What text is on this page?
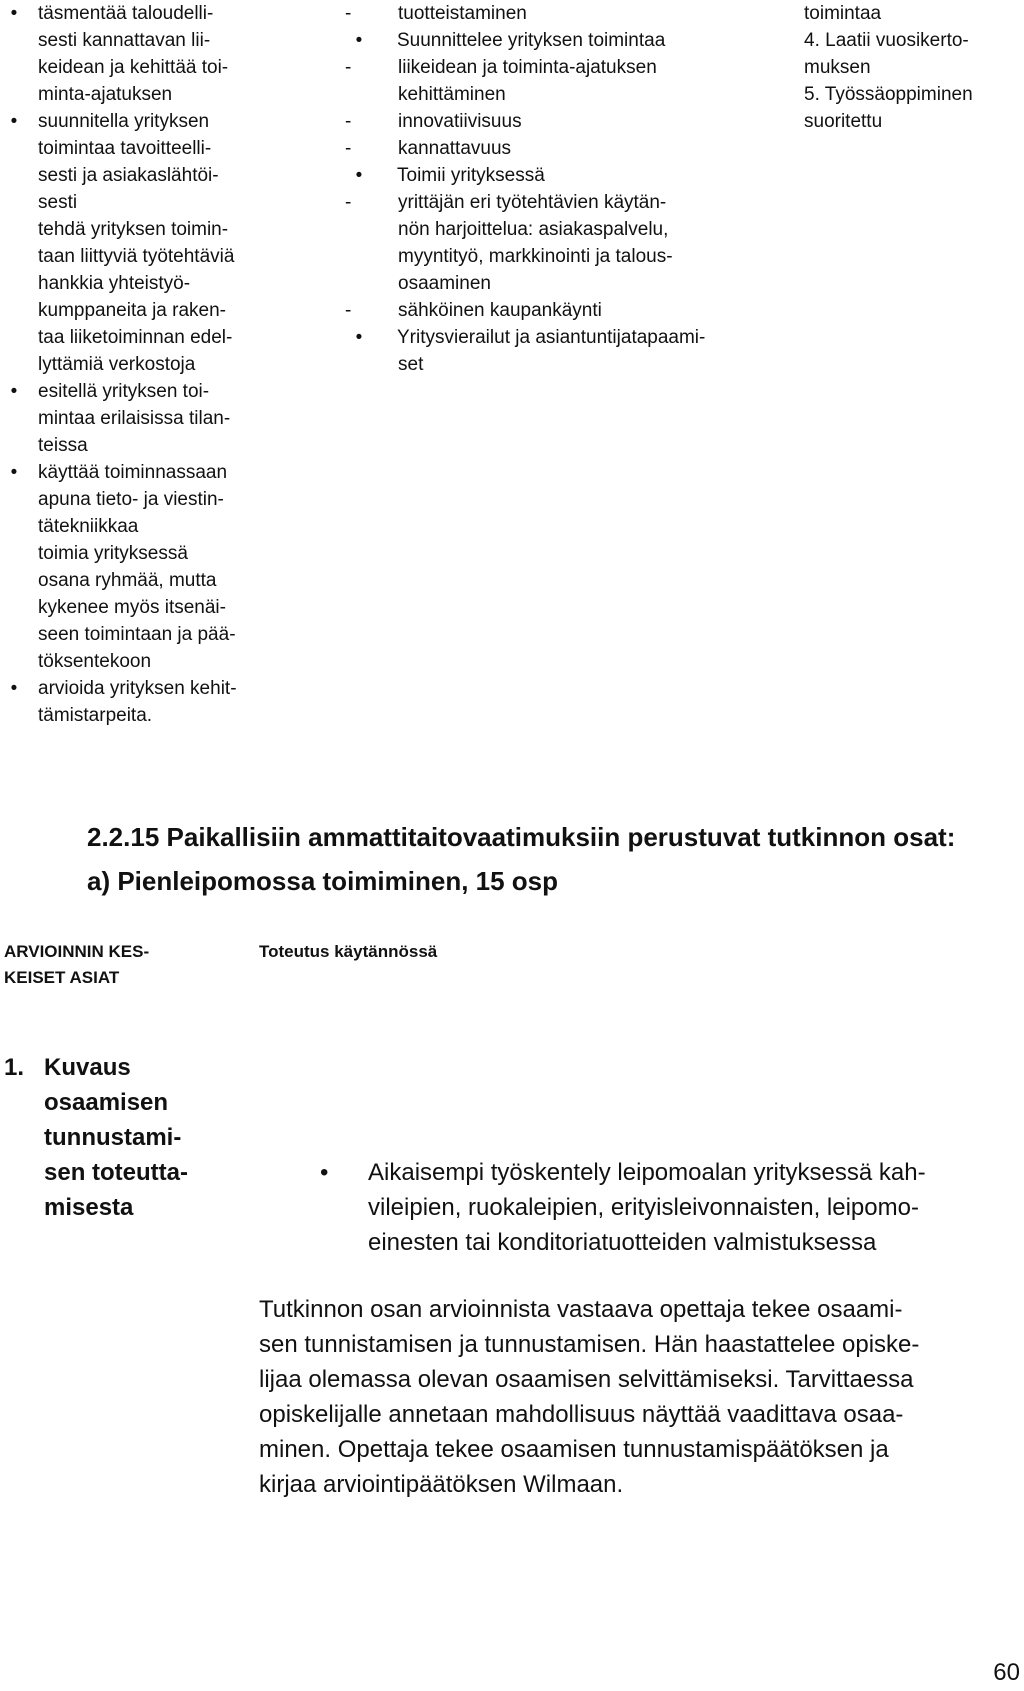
•	täsmentää taloudelli-
sesti kannattavan lii-
keidean ja kehittää toi-
minta-ajatuksen
•	suunnitella yrityksen
toimintaa tavoitteelli-
sesti ja asiakaslähtöi-
sesti
tehdä yrityksen toimin-
taan liittyviä työtehtäviä
hankkia yhteistyö-
kumppaneita ja raken-
taa liiketoiminnan edel-
lyttämiä verkostoja
•	esitellä yrityksen toi-
mintaa erilaisissa tilan-
teissa
•	käyttää toiminnassaan
apuna tieto- ja viestin-
tätekniikkaa
toimia yrityksessä
osana ryhmää, mutta
kykenee myös itsenäi-
seen toimintaan ja pää-
töksentekoon
•	arvioida yrityksen kehit-
tämistarpeita.
-	tuotteistaminen
•	Suunnittelee yrityksen toimintaa
-	liikeidean ja toiminta-ajatuksen
kehittäminen
-	innovatiivisuus
-	kannattavuus
•	Toimii yrityksessä
-	yrittäjän eri työtehtävien käytän-
nön harjoittelua: asiakaspalvelu,
myyntityö, markkinointi ja talous-
osaaminen
-	sähköinen kaupankäynti
•	Yritysvierailut ja asiantuntijatapaami-
set
toimintaa
4. Laatii vuosikerto-
muksen
5. Työssäoppiminen
suoritettu
2.2.15 Paikallisiin ammattitaitovaatimuksiin perustuvat tutkinnon osat:
a) Pienleipomossa toimiminen, 15 osp
ARVIOINNIN KES-
KEISET ASIAT
Toteutus käytännössä
1. Kuvaus
osaamisen
tunnustami-
sen toteutta-
misesta
• Aikaisempi työskentely leipomoalan yrityksessä kah-
vileipien, ruokaleipien, erityisleivonnaisten, leipomo-
einesten tai konditoriatuotteiden valmistuksessa
Tutkinnon osan arvioinnista vastaava opettaja tekee osaami-
sen tunnistamisen ja tunnustamisen. Hän haastattelee opiske-
lijaa olemassa olevan osaamisen selvittämiseksi. Tarvittaessa
opiskelijalle annetaan mahdollisuus näyttää vaadittava osaa-
minen. Opettaja tekee osaamisen tunnustamispäätöksen ja
kirjaa arviointipäätöksen Wilmaan.
60
